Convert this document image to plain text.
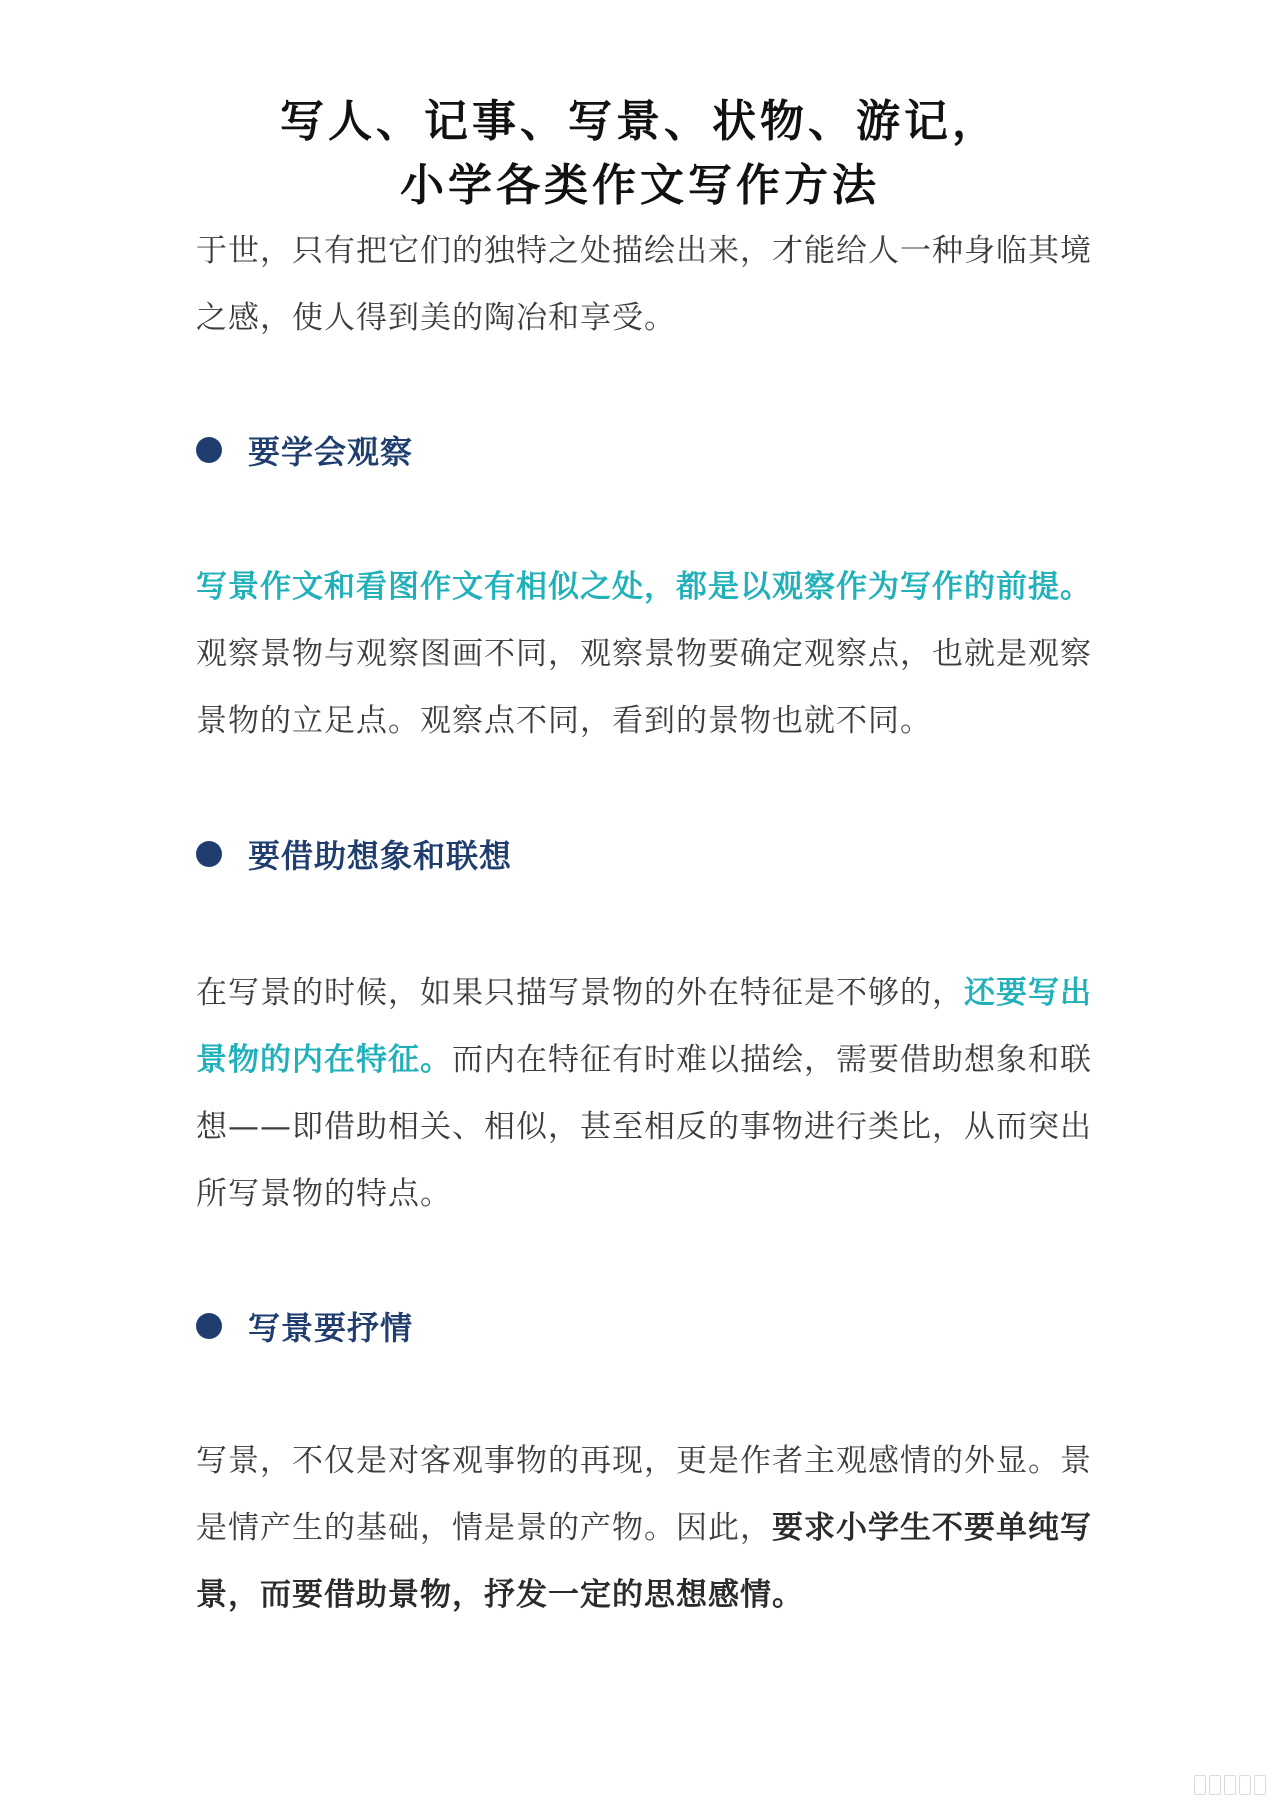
写人、记事、写景、状物、游记，
小学各类作文写作方法
于世，只有把它们的独特之处描绘出来，才能给人一种身临其境之感，使人得到美的陶冶和享受。
要学会观察
写景作文和看图作文有相似之处，都是以观察作为写作的前提。观察景物与观察图画不同，观察景物要确定观察点，也就是观察景物的立足点。观察点不同，看到的景物也就不同。
要借助想象和联想
在写景的时候，如果只描写景物的外在特征是不够的，还要写出景物的内在特征。而内在特征有时难以描绘，需要借助想象和联想——即借助相关、相似，甚至相反的事物进行类比，从而突出所写景物的特点。
写景要抒情
写景，不仅是对客观事物的再现，更是作者主观感情的外显。景是情产生的基础，情是景的产物。因此，要求小学生不要单纯写景，而要借助景物，抒发一定的思想感情。
